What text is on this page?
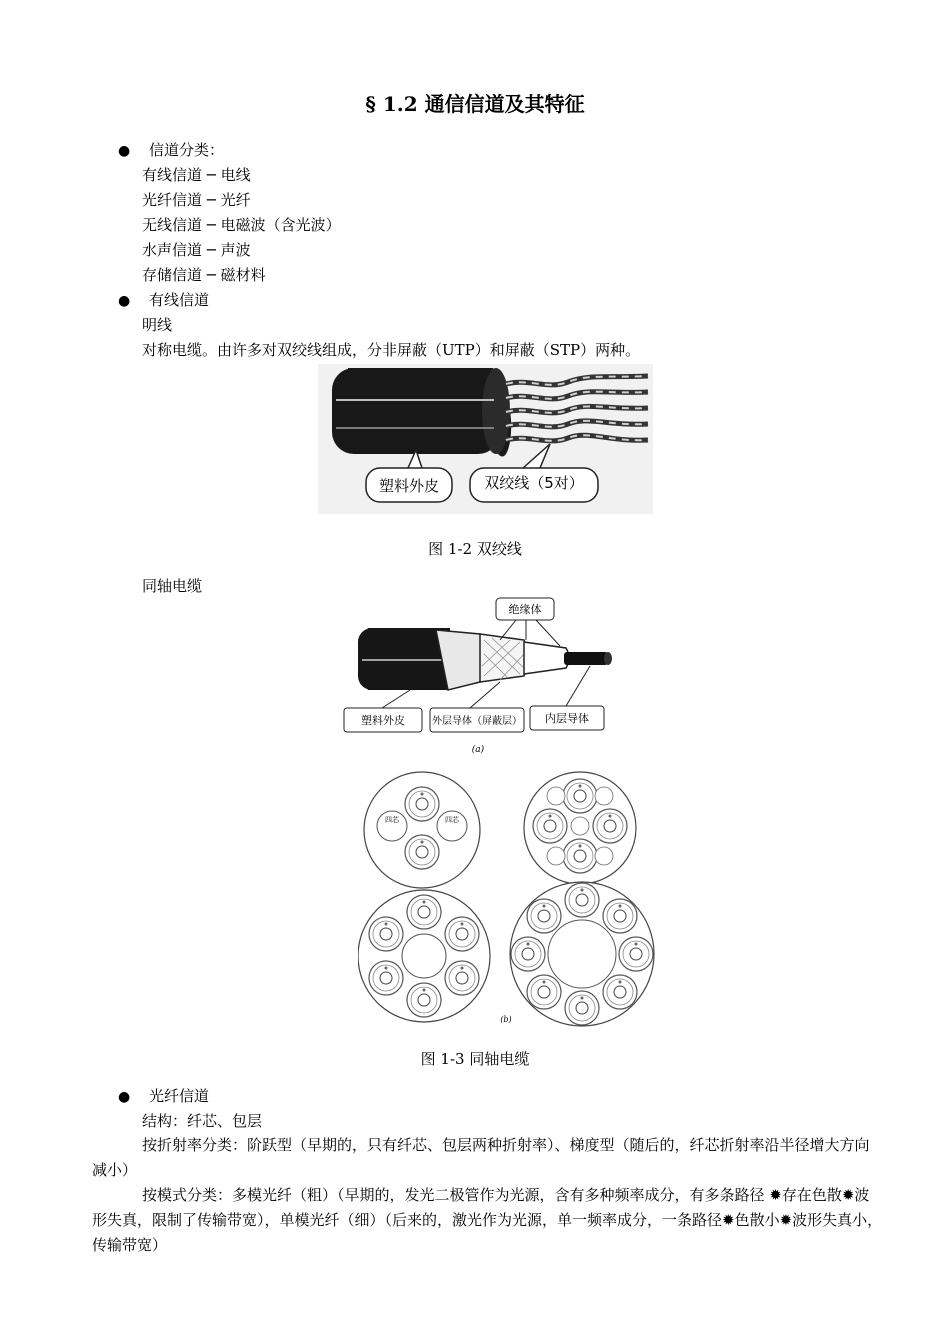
§ 1.2 通信信道及其特征
● 信道分类：
有线信道 ─ 电线
光纤信道 ─ 光纤
无线信道 ─ 电磁波（含光波）
水声信道 ─ 声波
存储信道 ─ 磁材料
● 有线信道
明线
对称电缆。由许多对双绞线组成，分非屏蔽（UTP）和屏蔽（STP）两种。
塑料外皮	双绞线（5对）
图 1-2 双绞线
同轴电缆
绝缘体
塑料外皮	外层导体（屏蔽层） 内层导体
(a)
四芯	四芯
(b)
图 1-3 同轴电缆
● 光纤信道
结构：纤芯、包层
按折射率分类：阶跃型（早期的，只有纤芯、包层两种折射率）、梯度型（随后的，纤芯折射率沿半径增大方向减小）
按模式分类：多模光纤（粗）（早期的，发光二极管作为光源，含有多种频率成分，有多条路径 ✹存在色散✹波形失真，限制了传输带宽），单模光纤（细）（后来的，激光作为光源，单一频率成分，一条路径✹色散小✹波形失真小，传输带宽）
